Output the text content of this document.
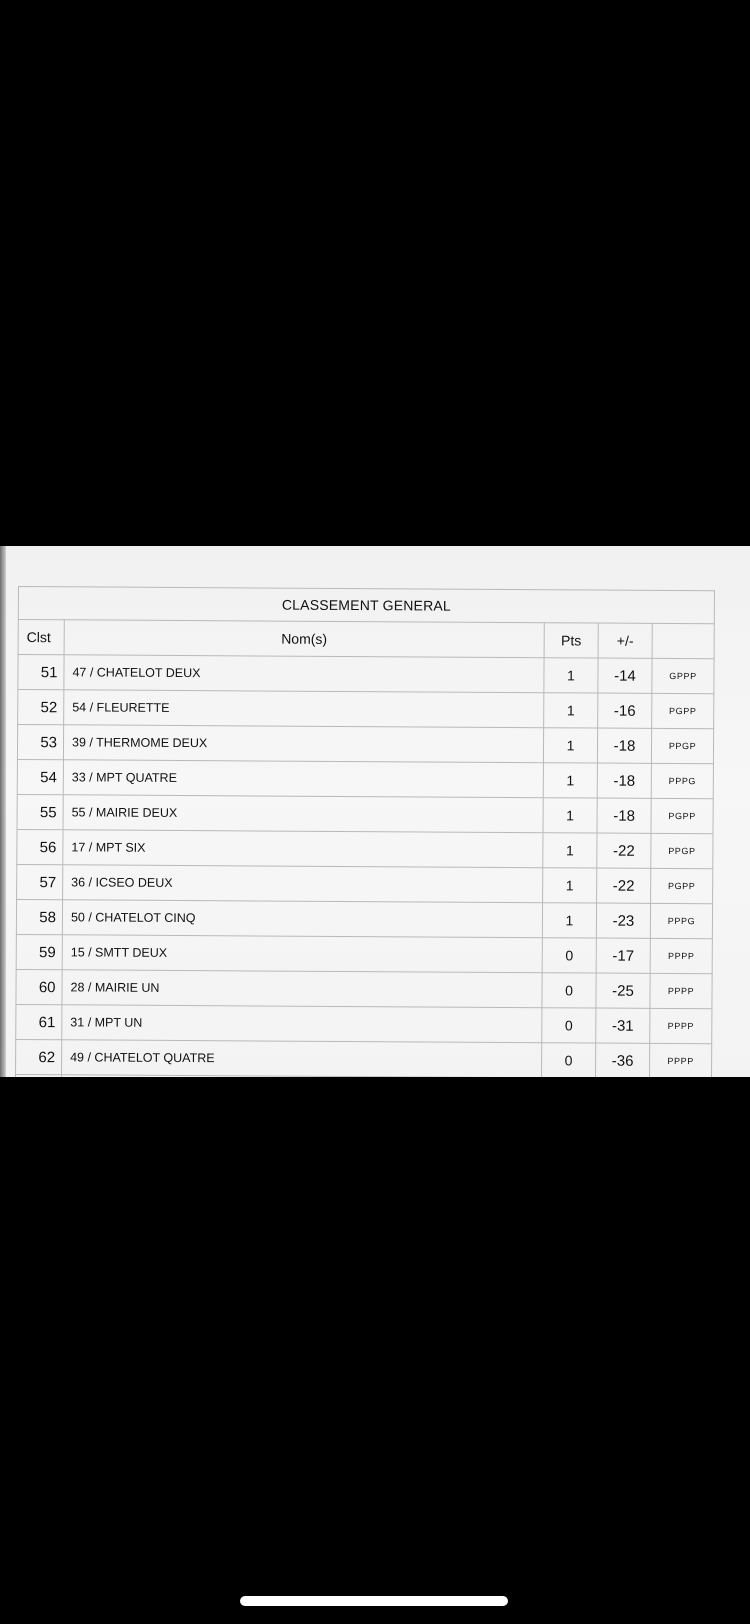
CLASSEMENT GENERAL				
Clst	Nom(s)	Pts	+/-	
51	47 / CHATELOT DEUX	1	-14	GPPP
52	54 / FLEURETTE	1	-16	PGPP
53	39 / THERMOME DEUX	1	-18	PPGP
54	33 / MPT QUATRE	1	-18	PPPG
55	55 / MAIRIE DEUX	1	-18	PGPP
56	17 / MPT SIX	1	-22	PPGP
57	36 / ICSEO DEUX	1	-22	PGPP
58	50 / CHATELOT CINQ	1	-23	PPPG
59	15 / SMTT DEUX	0	-17	PPPP
60	28 / MAIRIE UN	0	-25	PPPP
61	31 / MPT UN	0	-31	PPPP
62	49 / CHATELOT QUATRE	0	-36	PPPP
